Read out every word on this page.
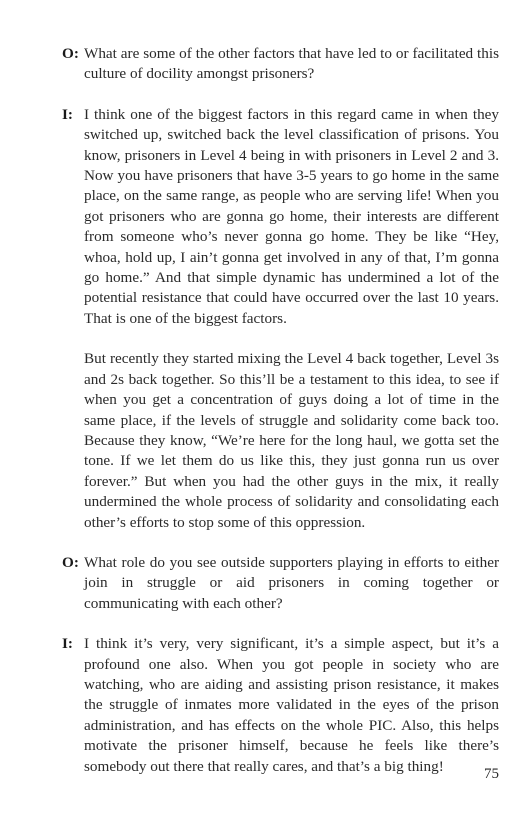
O: What are some of the other factors that have led to or facilitated this culture of docility amongst prisoners?
I: I think one of the biggest factors in this regard came in when they switched up, switched back the level classification of prisons. You know, prisoners in Level 4 being in with prisoners in Level 2 and 3. Now you have prisoners that have 3-5 years to go home in the same place, on the same range, as people who are serving life! When you got prisoners who are gonna go home, their interests are different from someone who’s never gonna go home. They be like “Hey, whoa, hold up, I ain’t gonna get involved in any of that, I’m gonna go home.” And that simple dynamic has undermined a lot of the potential resistance that could have occurred over the last 10 years. That is one of the biggest factors.
But recently they started mixing the Level 4 back together, Level 3s and 2s back together. So this’ll be a testament to this idea, to see if when you get a concentration of guys doing a lot of time in the same place, if the levels of struggle and solidarity come back too. Because they know, “We’re here for the long haul, we gotta set the tone. If we let them do us like this, they just gonna run us over forever.” But when you had the other guys in the mix, it really undermined the whole process of solidarity and consolidating each other’s efforts to stop some of this oppression.
O: What role do you see outside supporters playing in efforts to either join in struggle or aid prisoners in coming together or communicating with each other?
I: I think it’s very, very significant, it’s a simple aspect, but it’s a profound one also. When you got people in society who are watching, who are aiding and assisting prison resistance, it makes the struggle of inmates more validated in the eyes of the prison administration, and has effects on the whole PIC. Also, this helps motivate the prisoner himself, because he feels like there’s somebody out there that really cares, and that’s a big thing!	75
